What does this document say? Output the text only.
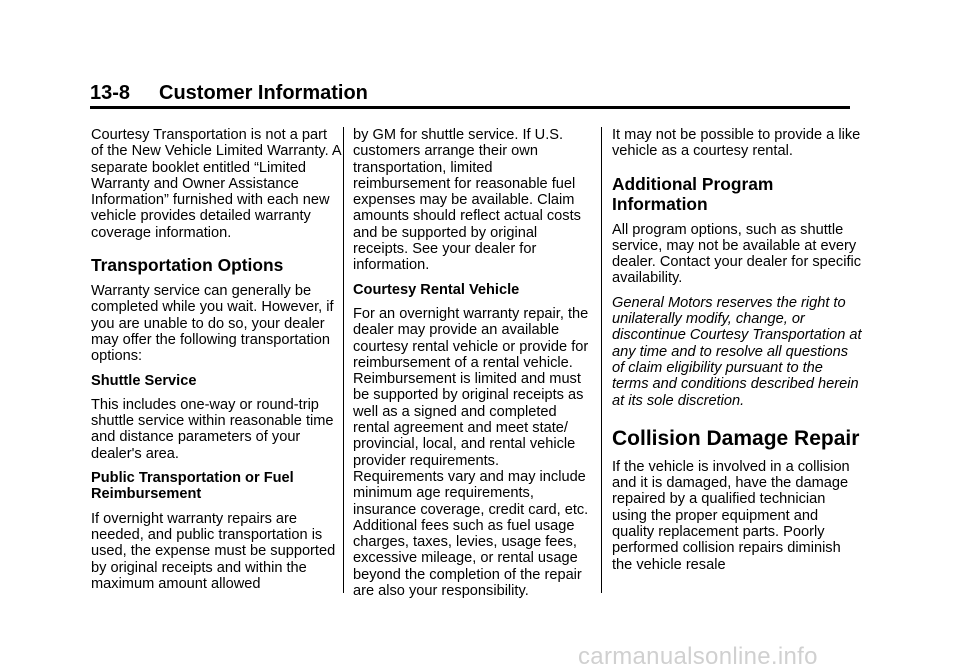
13-8 Customer Information

Courtesy Transportation is not a part of the New Vehicle Limited Warranty. A separate booklet entitled “Limited Warranty and Owner Assistance Information” furnished with each new vehicle provides detailed warranty coverage information.

Transportation Options

Warranty service can generally be completed while you wait. However, if you are unable to do so, your dealer may offer the following transportation options:

Shuttle Service

This includes one-way or round-trip shuttle service within reasonable time and distance parameters of your dealer's area.

Public Transportation or Fuel Reimbursement

If overnight warranty repairs are needed, and public transportation is used, the expense must be supported by original receipts and within the maximum amount allowed

by GM for shuttle service. If U.S. customers arrange their own transportation, limited reimbursement for reasonable fuel expenses may be available. Claim amounts should reflect actual costs and be supported by original receipts. See your dealer for information.

Courtesy Rental Vehicle

For an overnight warranty repair, the dealer may provide an available courtesy rental vehicle or provide for reimbursement of a rental vehicle. Reimbursement is limited and must be supported by original receipts as well as a signed and completed rental agreement and meet state/ provincial, local, and rental vehicle provider requirements. Requirements vary and may include minimum age requirements, insurance coverage, credit card, etc. Additional fees such as fuel usage charges, taxes, levies, usage fees, excessive mileage, or rental usage beyond the completion of the repair are also your responsibility.

It may not be possible to provide a like vehicle as a courtesy rental.

Additional Program Information

All program options, such as shuttle service, may not be available at every dealer. Contact your dealer for specific availability.

General Motors reserves the right to unilaterally modify, change, or discontinue Courtesy Transportation at any time and to resolve all questions of claim eligibility pursuant to the terms and conditions described herein at its sole discretion.

Collision Damage Repair

If the vehicle is involved in a collision and it is damaged, have the damage repaired by a qualified technician using the proper equipment and quality replacement parts. Poorly performed collision repairs diminish the vehicle resale

carmanualsonline.info
